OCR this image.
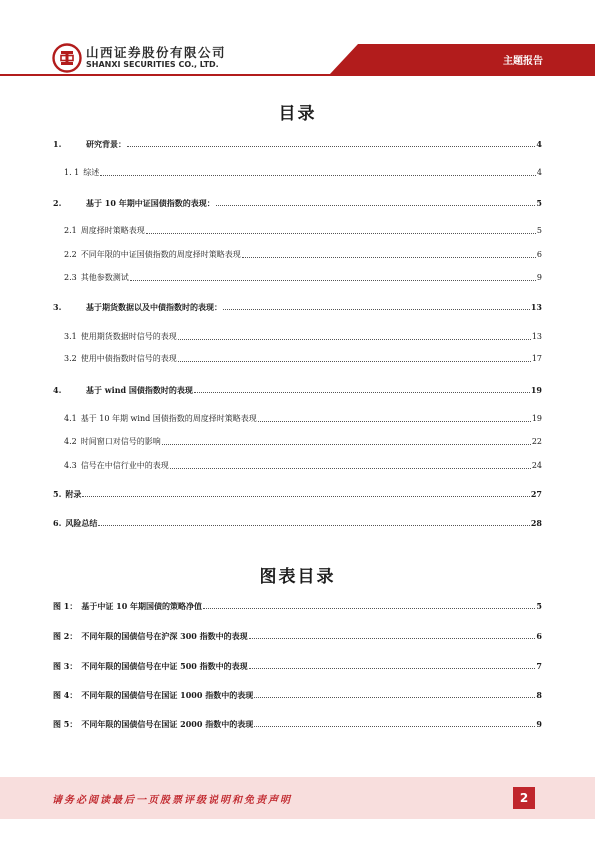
山西证券股份有限公司
SHANXI SECURITIES CO., LTD.	主题报告
目录
1.	研究背景：	4
1. 1 综述	4
2.	基于 10 年期中证国债指数的表现：	5
2.1 周度择时策略表现	5
2.2 不同年限的中证国债指数的周度择时策略表现	6
2.3 其他参数测试	9
3.	基于期货数据以及中债指数时的表现：	13
3.1 使用期货数据时信号的表现	13
3.2 使用中债指数时信号的表现	17
4.	基于 wind 国债指数时的表现	19
4.1 基于 10 年期 wind 国债指数的周度择时策略表现	19
4.2 时间窗口对信号的影响	22
4.3 信号在中信行业中的表现	24
5. 附录	27
6. 风险总结	28
图表目录
图 1： 基于中证 10 年期国债的策略净值	5
图 2： 不同年限的国债信号在沪深 300 指数中的表现	6
图 3： 不同年限的国债信号在中证 500 指数中的表现	7
图 4： 不同年限的国债信号在国证 1000 指数中的表现	8
图 5： 不同年限的国债信号在国证 2000 指数中的表现	9
请务必阅读最后一页股票评级说明和免责声明	2
